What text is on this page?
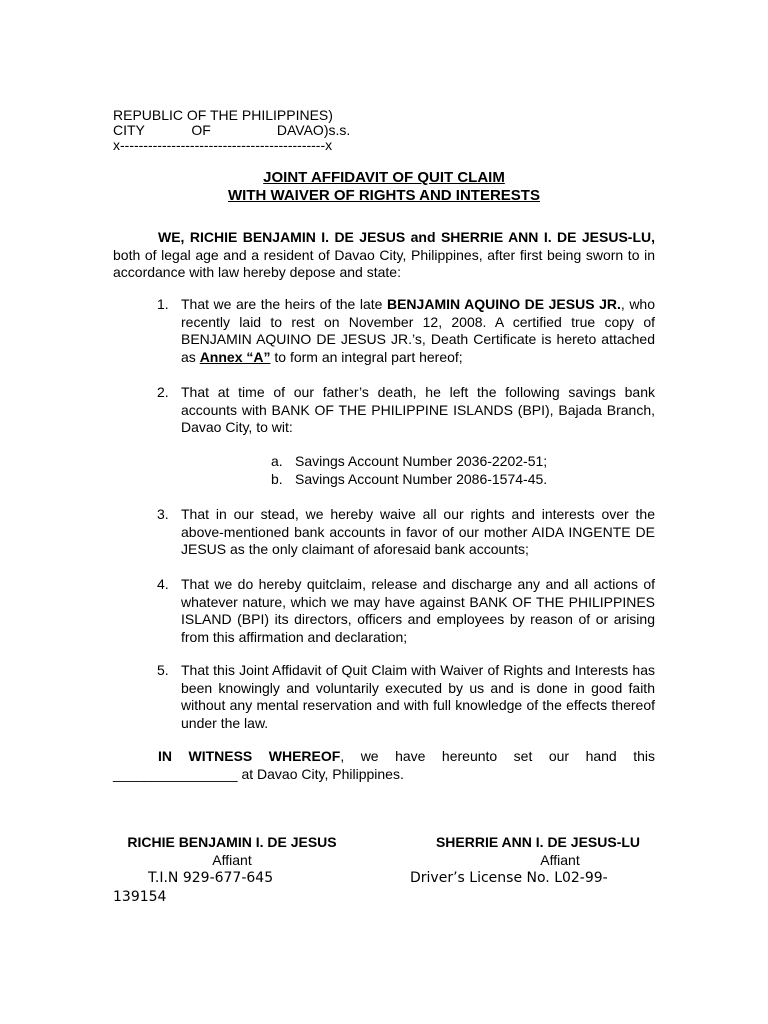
REPUBLIC OF THE PHILIPPINES)
CITY            OF                 DAVAO)s.s.
x--------------------------------------------x
JOINT AFFIDAVIT OF QUIT CLAIM
WITH WAIVER OF RIGHTS AND INTERESTS
WE, RICHIE BENJAMIN I. DE JESUS and SHERRIE ANN I. DE JESUS-LU, both of legal age and a resident of Davao City, Philippines, after first being sworn to in accordance with law hereby depose and state:
1. That we are the heirs of the late BENJAMIN AQUINO DE JESUS JR., who recently laid to rest on November 12, 2008. A certified true copy of BENJAMIN AQUINO DE JESUS JR.’s, Death Certificate is hereto attached as Annex “A” to form an integral part hereof;
2. That at time of our father’s death, he left the following savings bank accounts with BANK OF THE PHILIPPINE ISLANDS (BPI), Bajada Branch, Davao City, to wit:
a. Savings Account Number 2036-2202-51;
b. Savings Account Number 2086-1574-45.
3. That in our stead, we hereby waive all our rights and interests over the above-mentioned bank accounts in favor of our mother AIDA INGENTE DE JESUS as the only claimant of aforesaid bank accounts;
4. That we do hereby quitclaim, release and discharge any and all actions of whatever nature, which we may have against BANK OF THE PHILIPPINES ISLAND (BPI) its directors, officers and employees by reason of or arising from this affirmation and declaration;
5. That this Joint Affidavit of Quit Claim with Waiver of Rights and Interests has been knowingly and voluntarily executed by us and is done in good faith without any mental reservation and with full knowledge of the effects thereof under the law.
IN WITNESS WHEREOF, we have hereunto set our hand this ________________ at Davao City, Philippines.
RICHIE BENJAMIN I. DE JESUS	SHERRIE ANN I. DE JESUS-LU
Affiant	Affiant
T.I.N 929-677-645	Driver’s License No. L02-99-
139154
